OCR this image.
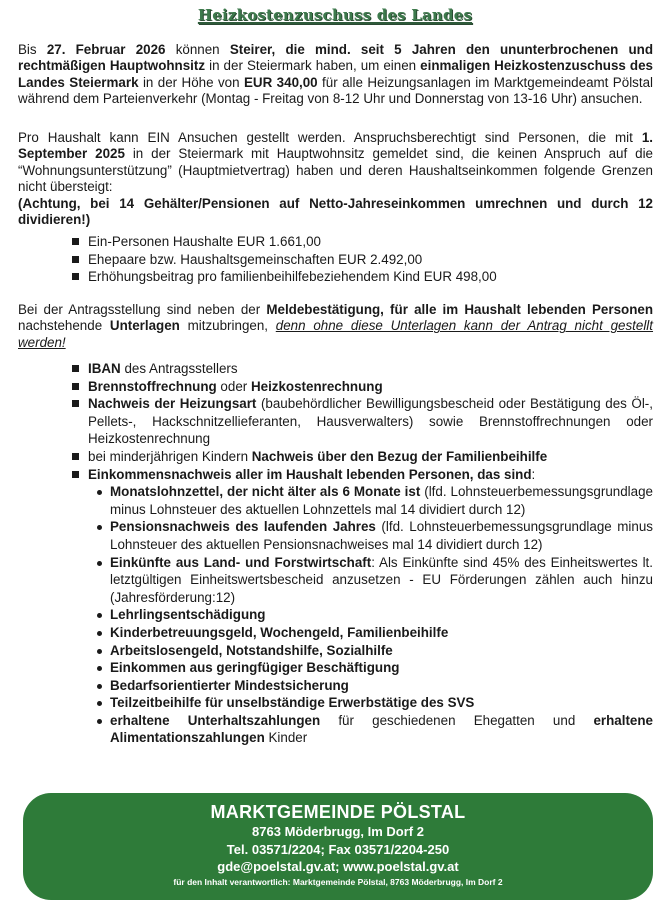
Heizkostenzuschuss des Landes

Bis 27. Februar 2026 können Steirer, die mind. seit 5 Jahren den ununterbrochenen und rechtmäßigen Hauptwohnsitz in der Steiermark haben, um einen einmaligen Heizkostenzuschuss des Landes Steiermark in der Höhe von EUR 340,00 für alle Heizungsanlagen im Marktgemeindeamt Pölstal während dem Parteienverkehr (Montag - Freitag von 8-12 Uhr und Donnerstag von 13-16 Uhr) ansuchen.

Pro Haushalt kann EIN Ansuchen gestellt werden. Anspruchsberechtigt sind Personen, die mit 1. September 2025 in der Steiermark mit Hauptwohnsitz gemeldet sind, die keinen Anspruch auf die “Wohnungsunterstützung” (Hauptmietvertrag) haben und deren Haushaltseinkommen folgende Grenzen nicht übersteigt:
(Achtung, bei 14 Gehälter/Pensionen auf Netto-Jahreseinkommen umrechnen und durch 12 dividieren!)

Ein-Personen Haushalte EUR 1.661,00
Ehepaare bzw. Haushaltsgemeinschaften EUR 2.492,00
Erhöhungsbeitrag pro familienbeihilfebeziehendem Kind EUR 498,00

Bei der Antragsstellung sind neben der Meldebestätigung, für alle im Haushalt lebenden Personen nachstehende Unterlagen mitzubringen, denn ohne diese Unterlagen kann der Antrag nicht gestellt werden!

IBAN des Antragsstellers
Brennstoffrechnung oder Heizkostenrechnung
Nachweis der Heizungsart (baubehördlicher Bewilligungsbescheid oder Bestätigung des Öl-, Pellets-, Hackschnitzellieferanten, Hausverwalters) sowie Brennstoffrechnungen oder Heizkostenrechnung
bei minderjährigen Kindern Nachweis über den Bezug der Familienbeihilfe
Einkommensnachweis aller im Haushalt lebenden Personen, das sind:
Monatslohnzettel, der nicht älter als 6 Monate ist (lfd. Lohnsteuerbemessungsgrundlage minus Lohnsteuer des aktuellen Lohnzettels mal 14 dividiert durch 12)
Pensionsnachweis des laufenden Jahres (lfd. Lohnsteuerbemessungsgrundlage minus Lohnsteuer des aktuellen Pensionsnachweises mal 14 dividiert durch 12)
Einkünfte aus Land- und Forstwirtschaft: Als Einkünfte sind 45% des Einheitswertes lt. letztgültigen Einheitswertsbescheid anzusetzen - EU Förderungen zählen auch hinzu (Jahresförderung:12)
Lehrlingsentschädigung
Kinderbetreuungsgeld, Wochengeld, Familienbeihilfe
Arbeitslosengeld, Notstandshilfe, Sozialhilfe
Einkommen aus geringfügiger Beschäftigung
Bedarfsorientierter Mindestsicherung
Teilzeitbeihilfe für unselbständige Erwerbstätige des SVS
erhaltene Unterhaltszahlungen für geschiedenen Ehegatten und erhaltene Alimentationszahlungen Kinder
MARKTGEMEINDE PÖLSTAL
8763 Möderbrugg, Im Dorf 2
Tel. 03571/2204; Fax 03571/2204-250
gde@poelstal.gv.at; www.poelstal.gv.at
für den Inhalt verantwortlich: Marktgemeinde Pölstal, 8763 Möderbrugg, Im Dorf 2
